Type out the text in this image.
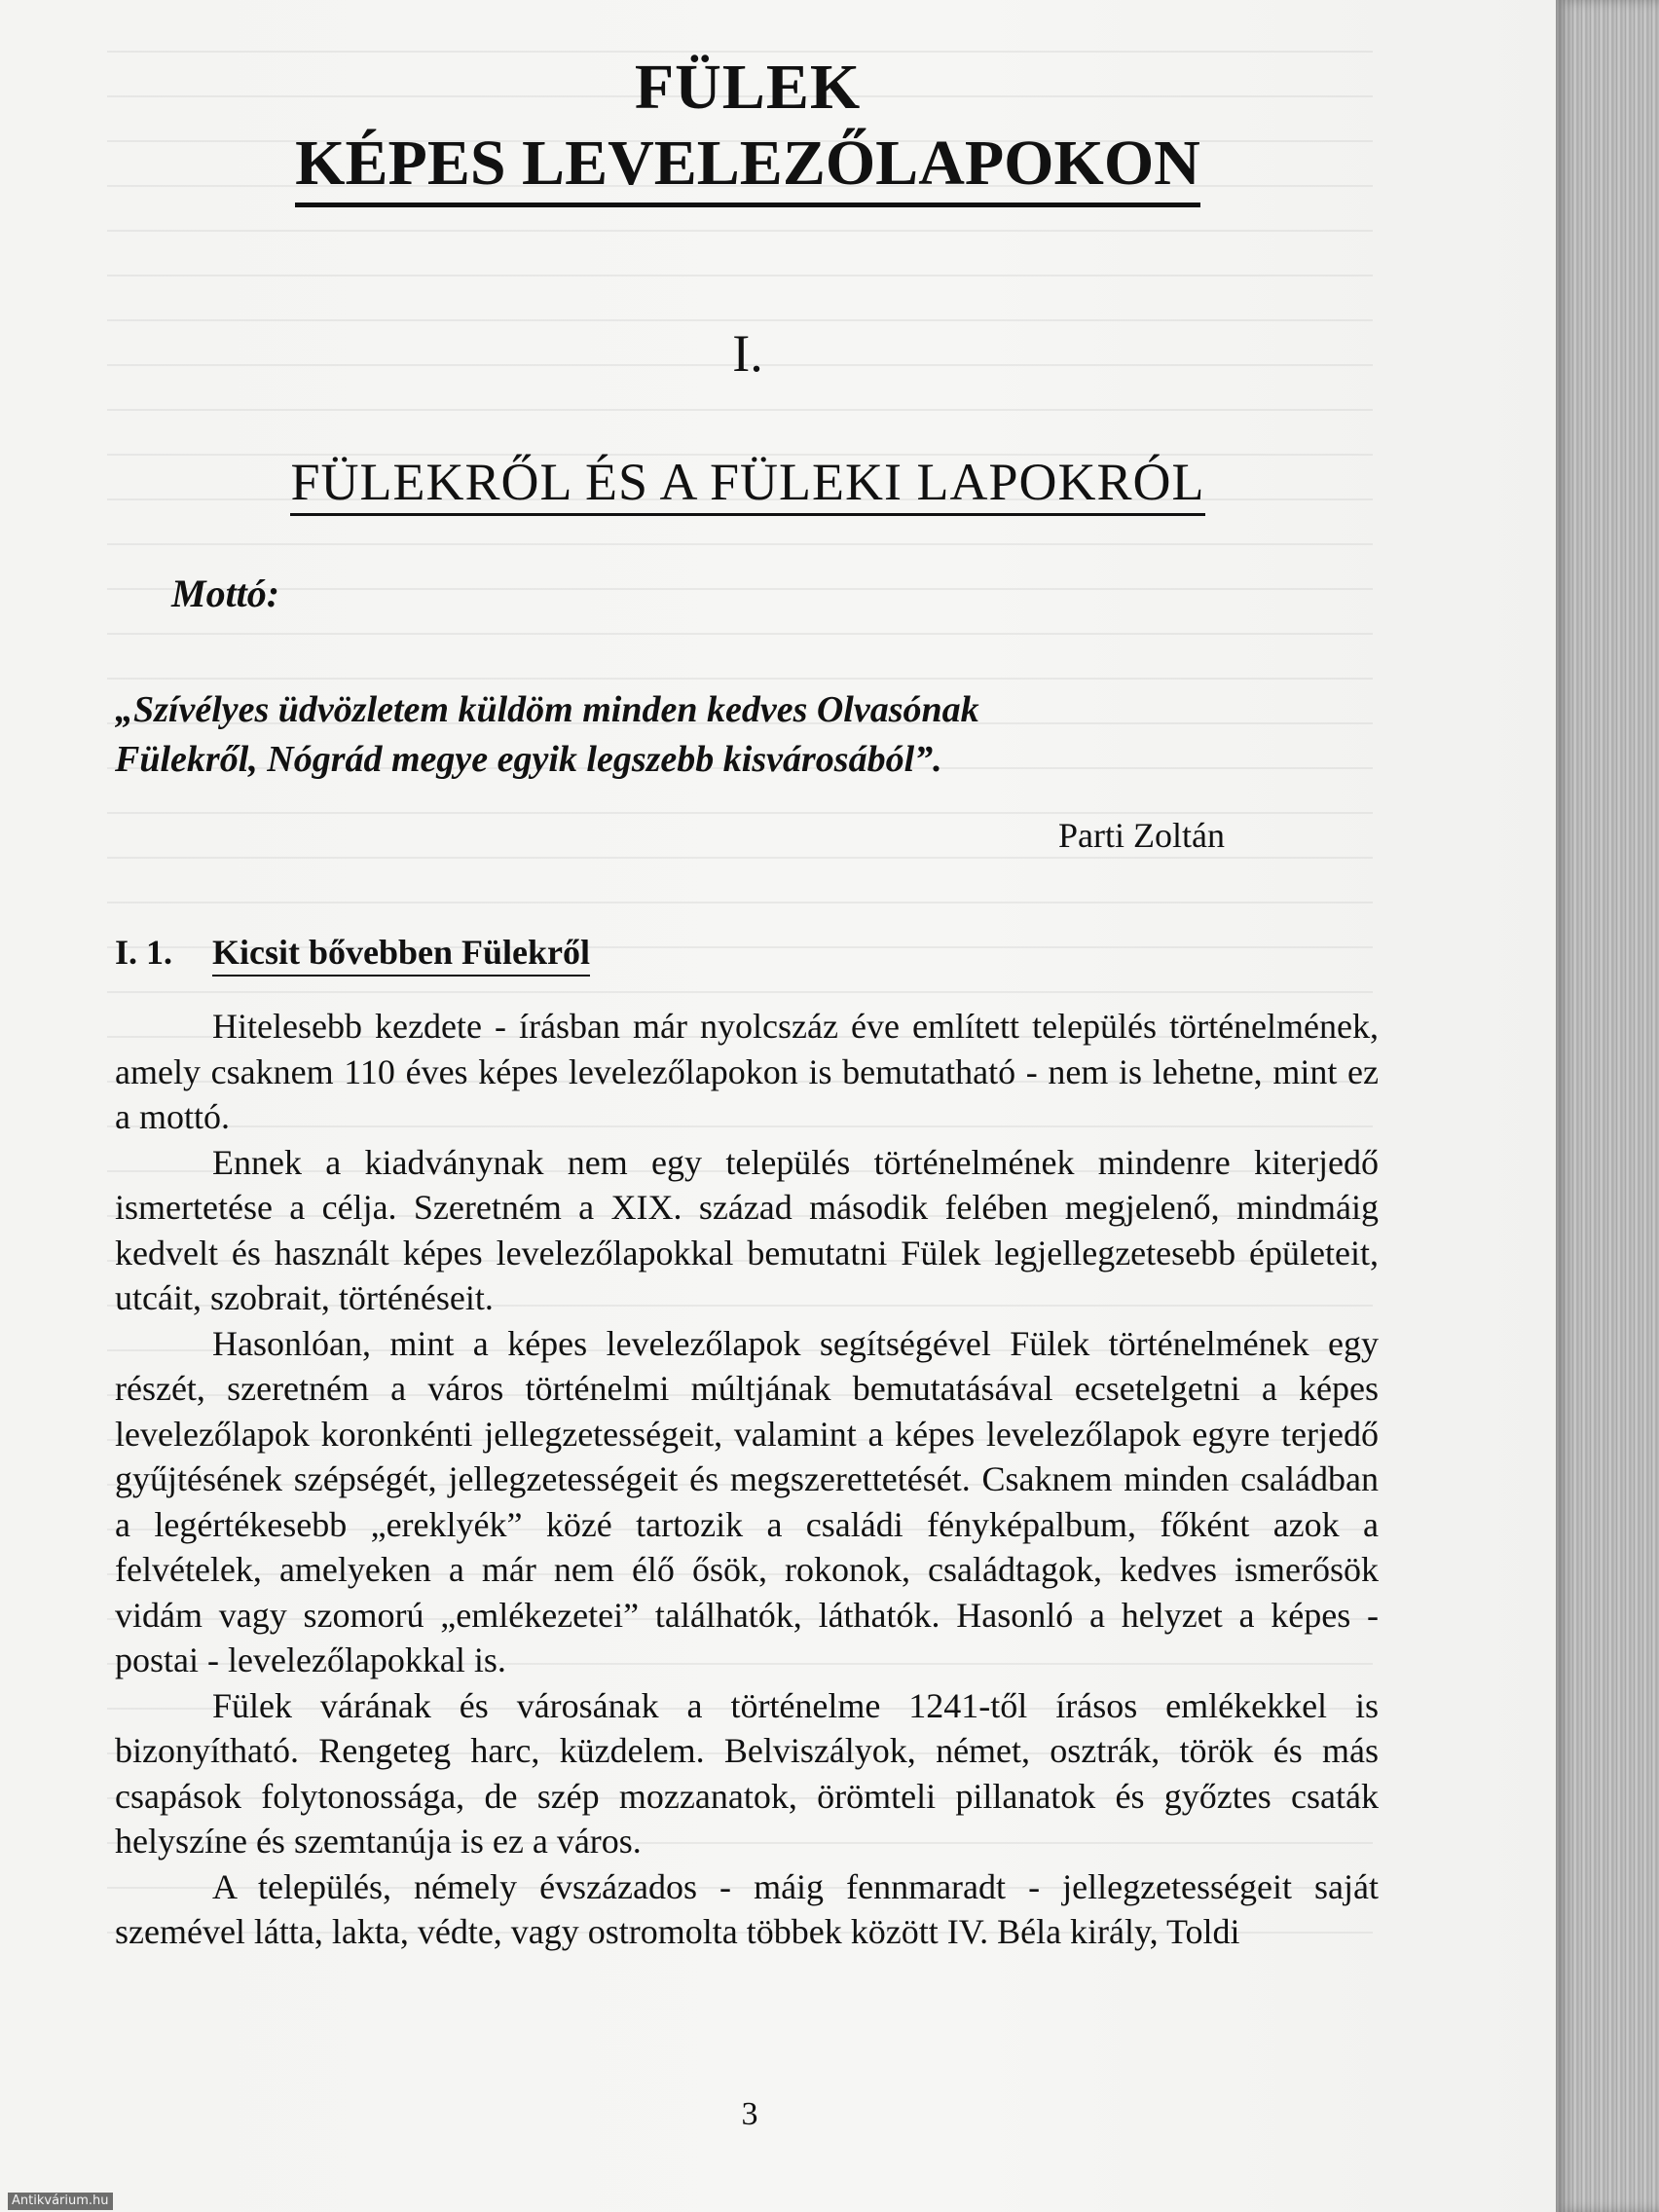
FÜLEK
KÉPES LEVELEZŐLAPOKON
I.
FÜLEKRŐL ÉS A FÜLEKI LAPOKRÓL
Mottó:
„Szívélyes üdvözletem küldöm minden kedves Olvasónak
Fülekről, Nógrád megye egyik legszebb kisvárosából”.
Parti Zoltán
I. 1.	Kicsit bővebben Fülekről

Hitelesebb kezdete - írásban már nyolcszáz éve említett település történelmének, amely csaknem 110 éves képes levelezőlapokon is bemutatható - nem is lehetne, mint ez a mottó.

Ennek a kiadványnak nem egy település történelmének mindenre kiterjedő ismertetése a célja. Szeretném a XIX. század második felében megjelenő, mindmáig kedvelt és használt képes levelezőlapokkal bemutatni Fülek legjellegzetesebb épületeit, utcáit, szobrait, történéseit.

Hasonlóan, mint a képes levelezőlapok segítségével Fülek történelmének egy részét, szeretném a város történelmi múltjának bemutatásával ecsetelgetni a képes levelezőlapok koronkénti jellegzetességeit, valamint a képes levelezőlapok egyre terjedő gyűjtésének szépségét, jellegzetességeit és megszerettetését. Csaknem minden családban a legértékesebb „ereklyék” közé tartozik a családi fényképalbum, főként azok a felvételek, amelyeken a már nem élő ősök, rokonok, családtagok, kedves ismerősök vidám vagy szomorú „emlékezetei” találhatók, láthatók. Hasonló a helyzet a képes - postai - levelezőlapokkal is.

Fülek várának és városának a történelme 1241-től írásos emlékekkel is bizonyítható. Rengeteg harc, küzdelem. Belviszályok, német, osztrák, török és más csapások folytonossága, de szép mozzanatok, örömteli pillanatok és győztes csaták helyszíne és szemtanúja is ez a város.

A település, némely évszázados - máig fennmaradt - jellegzetességeit saját szemével látta, lakta, védte, vagy ostromolta többek között IV. Béla király, Toldi

3
Antikvárium.hu
